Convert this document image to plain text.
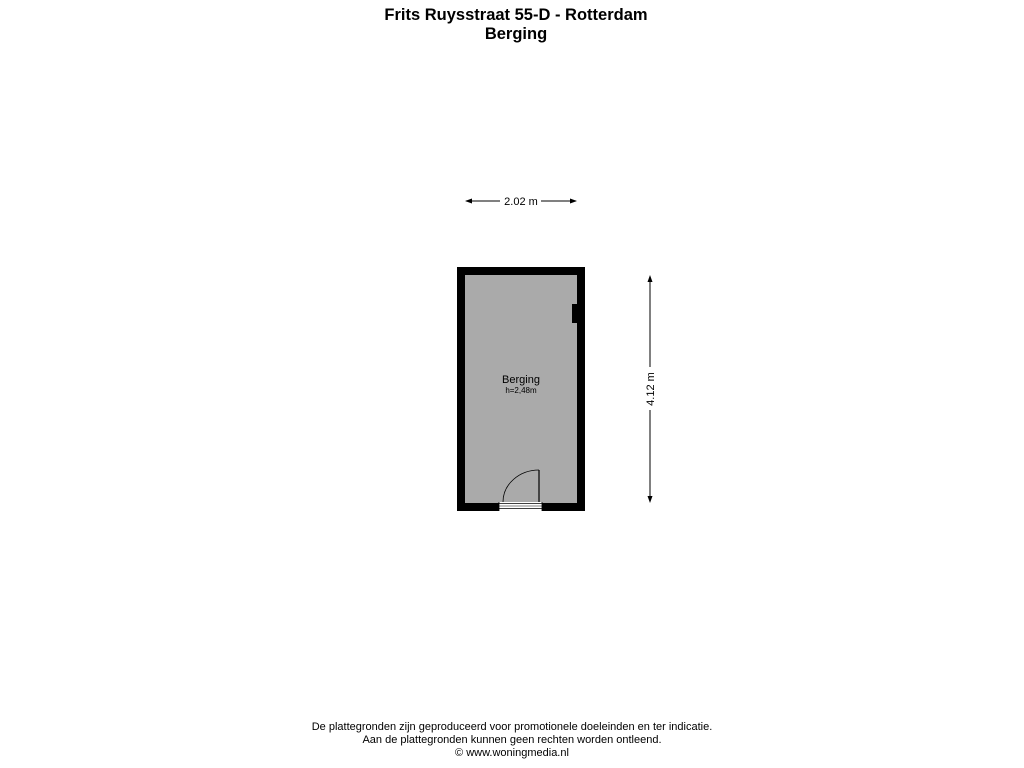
Frits Ruysstraat 55-D - Rotterdam
Berging
2.02 m
4.12 m
Berging
h=2,48m
De plattegronden zijn geproduceerd voor promotionele doeleinden en ter indicatie.
Aan de plattegronden kunnen geen rechten worden ontleend.
© www.woningmedia.nl
